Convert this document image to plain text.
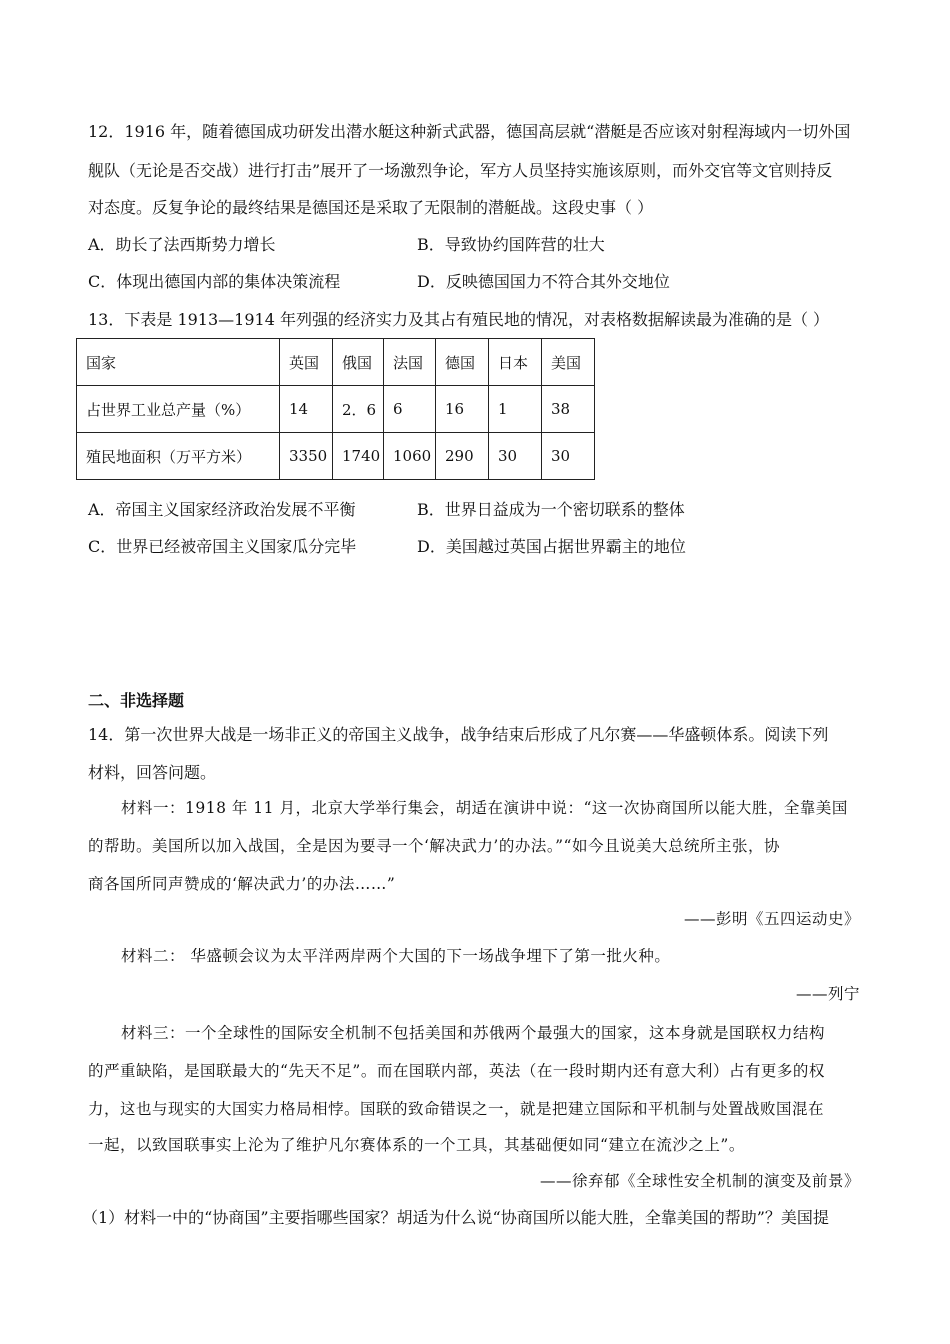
12．1916 年，随着德国成功研发出潜水艇这种新式武器，德国高层就“潜艇是否应该对射程海域内一切外国
舰队（无论是否交战）进行打击”展开了一场激烈争论，军方人员坚持实施该原则，而外交官等文官则持反
对态度。反复争论的最终结果是德国还是采取了无限制的潜艇战。这段史事（ ）
A．助长了法西斯势力增长	B．导致协约国阵营的壮大
C．体现出德国内部的集体决策流程	D．反映德国国力不符合其外交地位
13．下表是 1913—1914 年列强的经济实力及其占有殖民地的情况，对表格数据解读最为准确的是（ ）
国家	英国	俄国	法国	德国	日本	美国
占世界工业总产量（%）	14	2．6	6	16	1	38
殖民地面积（万平方米）	3350	1740	1060	290	30	30
A．帝国主义国家经济政治发展不平衡	B．世界日益成为一个密切联系的整体
C．世界已经被帝国主义国家瓜分完毕	D．美国越过英国占据世界霸主的地位
二、非选择题
14．第一次世界大战是一场非正义的帝国主义战争，战争结束后形成了凡尔赛——华盛顿体系。阅读下列
材料，回答问题。
材料一：1918 年 11 月，北京大学举行集会，胡适在演讲中说：“这一次协商国所以能大胜，全靠美国
的帮助。美国所以加入战国，全是因为要寻一个‘解决武力’的办法。”“如今且说美大总统所主张，协
商各国所同声赞成的‘解决武力’的办法……”
——彭明《五四运动史》
材料二： 华盛顿会议为太平洋两岸两个大国的下一场战争埋下了第一批火种。
——列宁
材料三：一个全球性的国际安全机制不包括美国和苏俄两个最强大的国家，这本身就是国联权力结构
的严重缺陷，是国联最大的“先天不足”。而在国联内部，英法（在一段时期内还有意大利）占有更多的权
力，这也与现实的大国实力格局相悖。国联的致命错误之一，就是把建立国际和平机制与处置战败国混在
一起，以致国联事实上沦为了维护凡尔赛体系的一个工具，其基础便如同“建立在流沙之上”。
——徐弃郁《全球性安全机制的演变及前景》
（1）材料一中的“协商国”主要指哪些国家？胡适为什么说“协商国所以能大胜，全靠美国的帮助”？美国提
